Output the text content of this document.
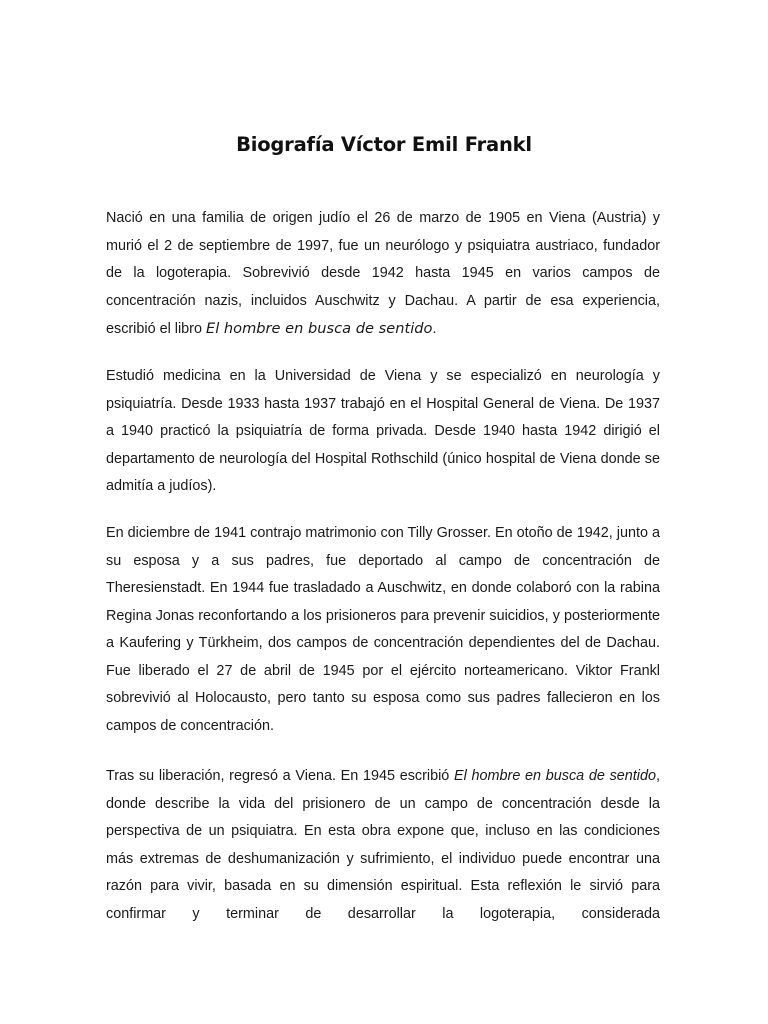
Biografía Víctor Emil Frankl

Nació en una familia de origen judío el 26 de marzo de 1905 en Viena (Austria) y murió el 2 de septiembre de 1997, fue un neurólogo y psiquiatra austriaco, fundador de la logoterapia. Sobrevivió desde 1942 hasta 1945 en varios campos de concentración nazis, incluidos Auschwitz y Dachau. A partir de esa experiencia, escribió el libro El hombre en busca de sentido.

Estudió medicina en la Universidad de Viena y se especializó en neurología y psiquiatría. Desde 1933 hasta 1937 trabajó en el Hospital General de Viena. De 1937 a 1940 practicó la psiquiatría de forma privada. Desde 1940 hasta 1942 dirigió el departamento de neurología del Hospital Rothschild (único hospital de Viena donde se admitía a judíos).

En diciembre de 1941 contrajo matrimonio con Tilly Grosser. En otoño de 1942, junto a su esposa y a sus padres, fue deportado al campo de concentración de Theresienstadt. En 1944 fue trasladado a Auschwitz, en donde colaboró con la rabina Regina Jonas reconfortando a los prisioneros para prevenir suicidios, y posteriormente a Kaufering y Türkheim, dos campos de concentración dependientes del de Dachau. Fue liberado el 27 de abril de 1945 por el ejército norteamericano. Viktor Frankl sobrevivió al Holocausto, pero tanto su esposa como sus padres fallecieron en los campos de concentración.

Tras su liberación, regresó a Viena. En 1945 escribió El hombre en busca de sentido, donde describe la vida del prisionero de un campo de concentración desde la perspectiva de un psiquiatra. En esta obra expone que, incluso en las condiciones más extremas de deshumanización y sufrimiento, el individuo puede encontrar una razón para vivir, basada en su dimensión espiritual. Esta reflexión le sirvió para confirmar y terminar de desarrollar la logoterapia, considerada
